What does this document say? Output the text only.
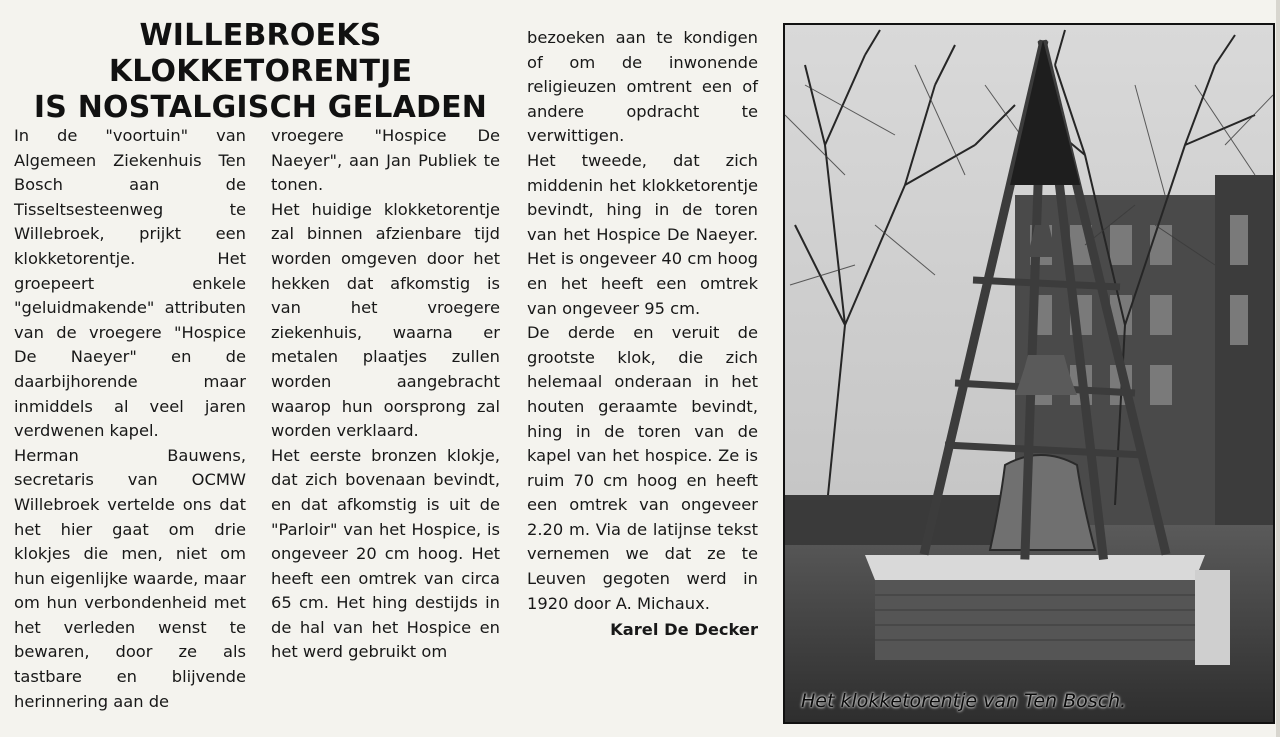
WILLEBROEKS KLOKKETORENTJE
IS NOSTALGISCH GELADEN

In de "voortuin" van Algemeen Ziekenhuis Ten Bosch aan de Tisseltsesteenweg te Willebroek, prijkt een klokketorentje. Het groepeert enkele "geluidmakende" attributen van de vroegere "Hospice De Naeyer" en de daarbijhorende maar inmiddels al veel jaren verdwenen kapel.

Herman Bauwens, secretaris van OCMW Willebroek vertelde ons dat het hier gaat om drie klokjes die men, niet om hun eigenlijke waarde, maar om hun verbondenheid met het verleden wenst te bewaren, door ze als tastbare en blijvende herinnering aan de

vroegere "Hospice De Naeyer", aan Jan Publiek te tonen.

Het huidige klokketorentje zal binnen afzienbare tijd worden omgeven door het hekken dat afkomstig is van het vroegere ziekenhuis, waarna er metalen plaatjes zullen worden aangebracht waarop hun oorsprong zal worden verklaard.

Het eerste bronzen klokje, dat zich bovenaan bevindt, en dat afkomstig is uit de "Parloir" van het Hospice, is ongeveer 20 cm hoog. Het heeft een omtrek van circa 65 cm. Het hing destijds in de hal van het Hospice en het werd gebruikt om

bezoeken aan te kondigen of om de inwonende religieuzen omtrent een of andere opdracht te verwittigen.

Het tweede, dat zich middenin het klokketorentje bevindt, hing in de toren van het Hospice De Naeyer. Het is ongeveer 40 cm hoog en het heeft een omtrek van ongeveer 95 cm.

De derde en veruit de grootste klok, die zich helemaal onderaan in het houten geraamte bevindt, hing in de toren van de kapel van het hospice. Ze is ruim 70 cm hoog en heeft een omtrek van ongeveer 2.20 m. Via de latijnse tekst vernemen we dat ze te Leuven gegoten werd in 1920 door A. Michaux.

Karel De Decker

Het klokketorentje van Ten Bosch.
